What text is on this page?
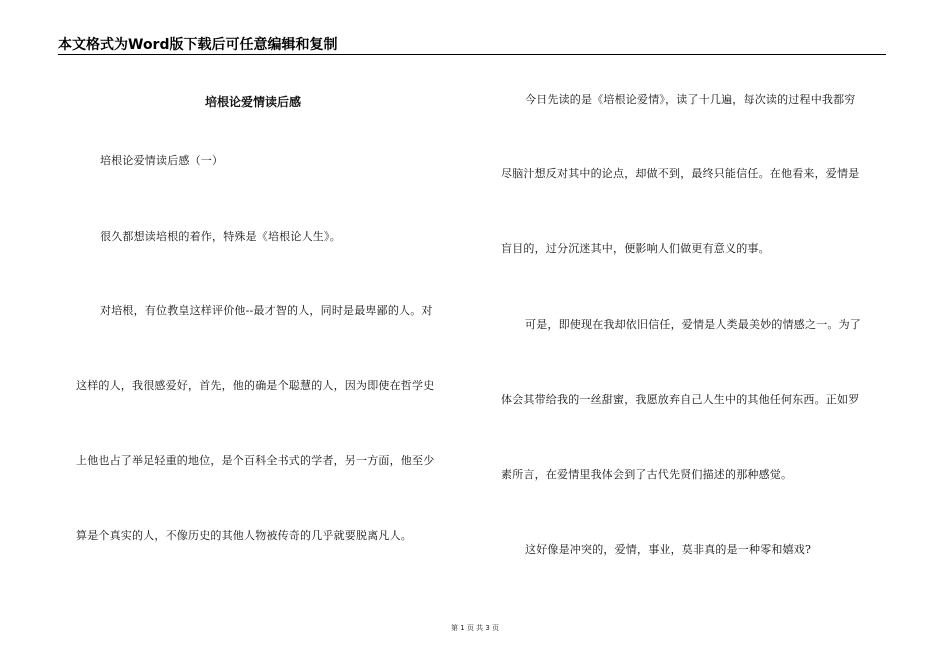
本文格式为Word版下载后可任意编辑和复制
培根论爱情读后感
培根论爱情读后感（一）
很久都想读培根的着作，特殊是《培根论人生》。
对培根，有位教皇这样评价他--最才智的人，同时是最卑鄙的人。对
这样的人，我很感爱好，首先，他的确是个聪慧的人，因为即使在哲学史
上他也占了举足轻重的地位，是个百科全书式的学者，另一方面，他至少
算是个真实的人，不像历史的其他人物被传奇的几乎就要脱离凡人。
今日先读的是《培根论爱情》，读了十几遍，每次读的过程中我都穷
尽脑汁想反对其中的论点，却做不到，最终只能信任。在他看来，爱情是
盲目的，过分沉迷其中，便影响人们做更有意义的事。
可是，即使现在我却依旧信任，爱情是人类最美妙的情感之一。为了
体会其带给我的一丝甜蜜，我愿放弃自己人生中的其他任何东西。正如罗
素所言，在爱情里我体会到了古代先贤们描述的那种感觉。
这好像是冲突的，爱情，事业，莫非真的是一种零和嬉戏?
第 1 页 共 3 页
